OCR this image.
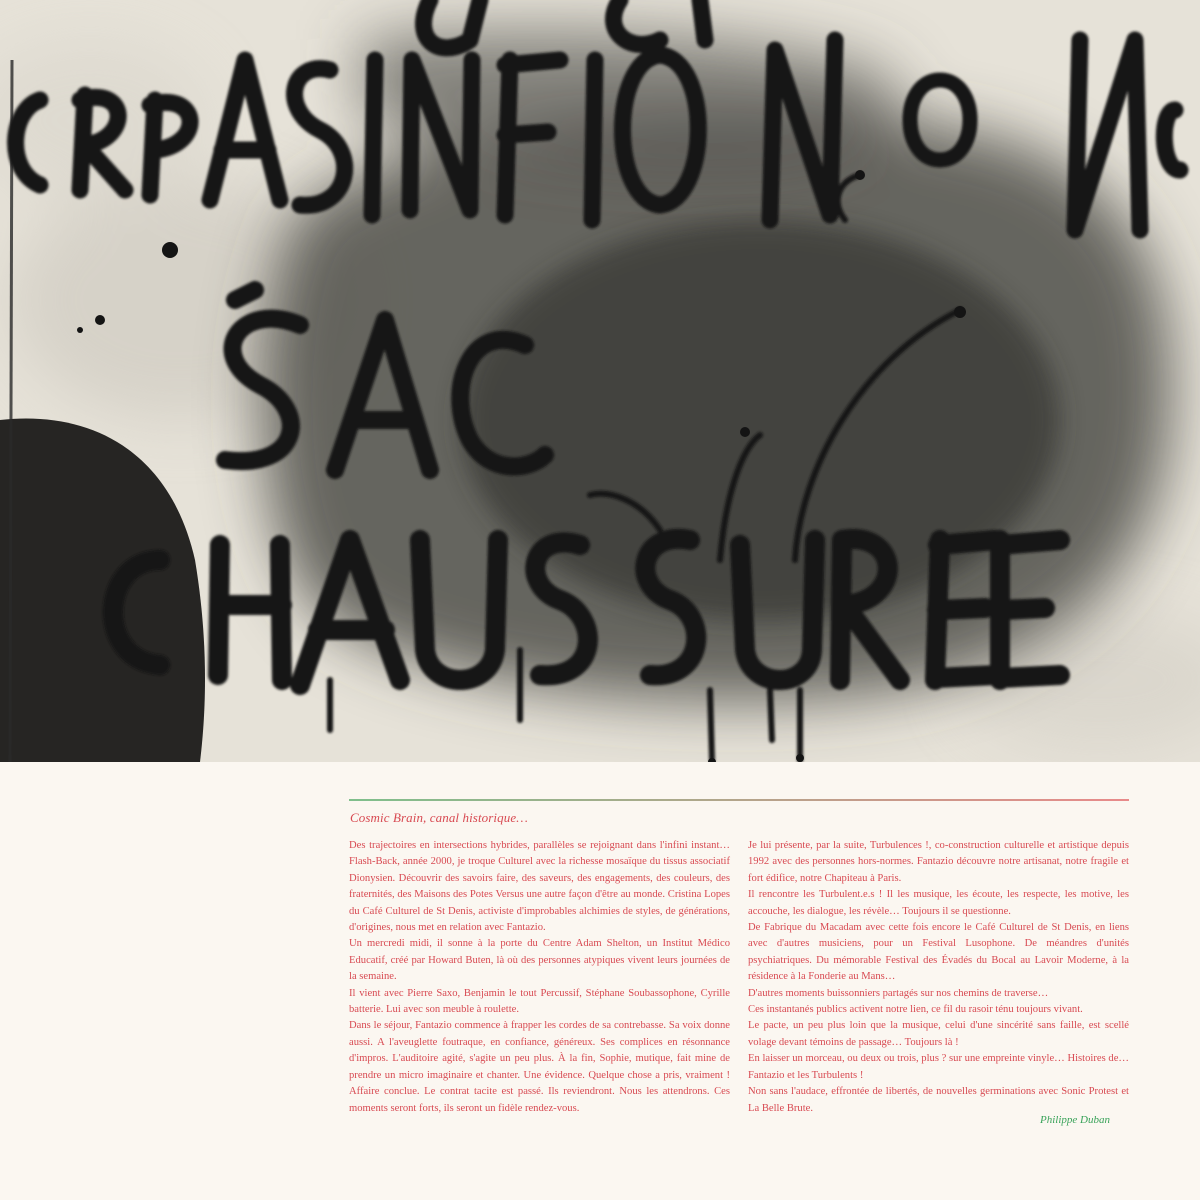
Cosmic Brain, canal historique…

Des trajectoires en intersections hybrides, parallèles se rejoignant dans l'infini instant… Flash-Back, année 2000, je troque Culturel avec la richesse mosaïque du tissus associatif Dionysien. Découvrir des savoirs faire, des saveurs, des engagements, des couleurs, des fraternités, des Maisons des Potes Versus une autre façon d'être au monde. Cristina Lopes du Café Culturel de St Denis, activiste d'improbables alchimies de styles, de générations, d'origines, nous met en relation avec Fantazio.

Un mercredi midi, il sonne à la porte du Centre Adam Shelton, un Institut Médico Educatif, créé par Howard Buten, là où des personnes atypiques vivent leurs journées de la semaine.

Il vient avec Pierre Saxo, Benjamin le tout Percussif, Stéphane Soubassophone, Cyrille batterie. Lui avec son meuble à roulette.

Dans le séjour, Fantazio commence à frapper les cordes de sa contrebasse. Sa voix donne aussi. A l'aveuglette foutraque, en confiance, généreux. Ses complices en résonnance d'impros. L'auditoire agité, s'agite un peu plus. À la fin, Sophie, mutique, fait mine de prendre un micro imaginaire et chanter. Une évidence. Quelque chose a pris, vraiment ! Affaire conclue. Le contrat tacite est passé. Ils reviendront. Nous les attendrons. Ces moments seront forts, ils seront un fidèle rendez-vous.

Je lui présente, par la suite, Turbulences !, co-construction culturelle et artistique depuis 1992 avec des personnes hors-normes. Fantazio découvre notre artisanat, notre fragile et fort édifice, notre Chapiteau à Paris.

Il rencontre les Turbulent.e.s ! Il les musique, les écoute, les respecte, les motive, les accouche, les dialogue, les révèle… Toujours il se questionne.

De Fabrique du Macadam avec cette fois encore le Café Culturel de St Denis, en liens avec d'autres musiciens, pour un Festival Lusophone. De méandres d'unités psychiatriques. Du mémorable Festival des Évadés du Bocal au Lavoir Moderne, à la résidence à la Fonderie au Mans…

D'autres moments buissonniers partagés sur nos chemins de traverse…

Ces instantanés publics activent notre lien, ce fil du rasoir ténu toujours vivant.

Le pacte, un peu plus loin que la musique, celui d'une sincérité sans faille, est scellé volage devant témoins de passage… Toujours là !

En laisser un morceau, ou deux ou trois, plus ? sur une empreinte vinyle… Histoires de… Fantazio et les Turbulents !

Non sans l'audace, effrontée de libertés, de nouvelles germinations avec Sonic Protest et La Belle Brute.

Philippe Duban
